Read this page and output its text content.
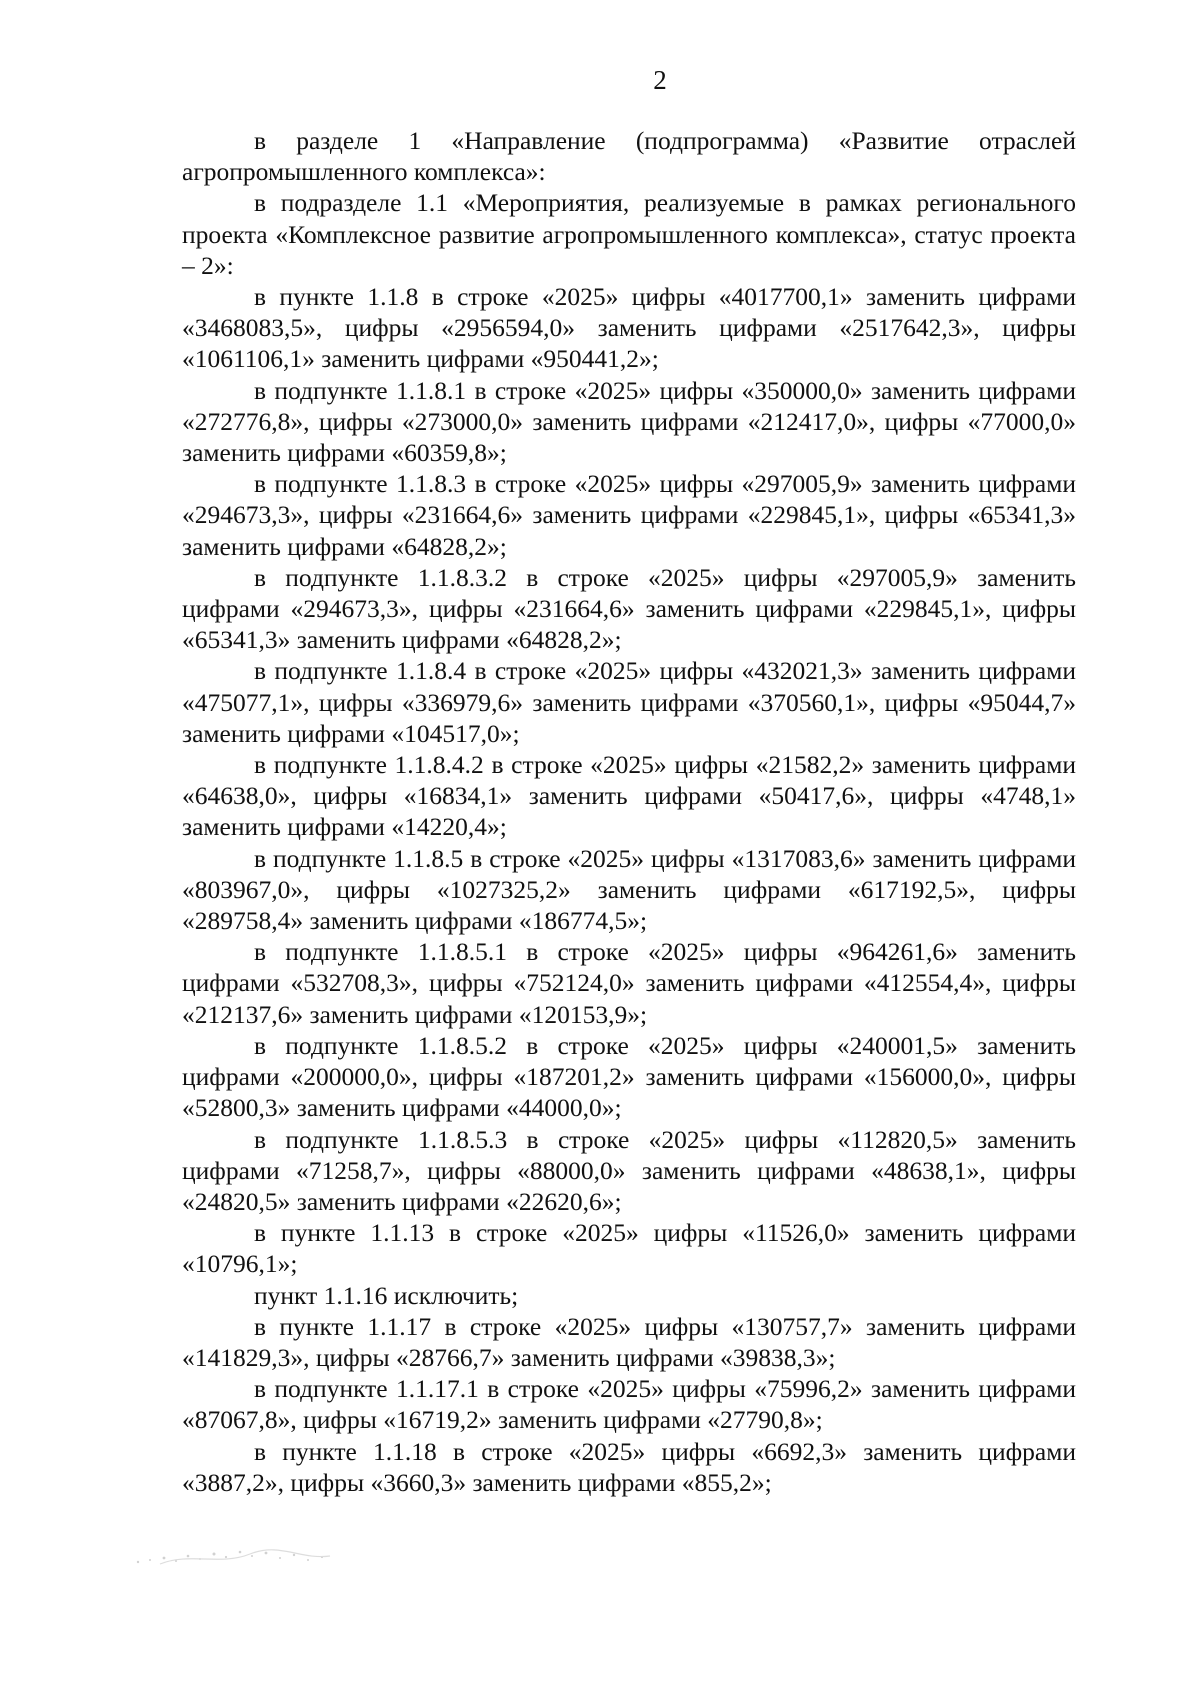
2

в разделе 1 «Направление (подпрограмма) «Развитие отраслей агропромышленного комплекса»:

в подразделе 1.1 «Мероприятия, реализуемые в рамках регионального проекта «Комплексное развитие агропромышленного комплекса», статус проекта – 2»:

в пункте 1.1.8 в строке «2025» цифры «4017700,1» заменить цифрами «3468083,5», цифры «2956594,0» заменить цифрами «2517642,3», цифры «1061106,1» заменить цифрами «950441,2»;

в подпункте 1.1.8.1 в строке «2025» цифры «350000,0» заменить цифрами «272776,8», цифры «273000,0» заменить цифрами «212417,0», цифры «77000,0» заменить цифрами «60359,8»;

в подпункте 1.1.8.3 в строке «2025» цифры «297005,9» заменить цифрами «294673,3», цифры «231664,6» заменить цифрами «229845,1», цифры «65341,3» заменить цифрами «64828,2»;

в подпункте 1.1.8.3.2 в строке «2025» цифры «297005,9» заменить цифрами «294673,3», цифры «231664,6» заменить цифрами «229845,1», цифры «65341,3» заменить цифрами «64828,2»;

в подпункте 1.1.8.4 в строке «2025» цифры «432021,3» заменить цифрами «475077,1», цифры «336979,6» заменить цифрами «370560,1», цифры «95044,7» заменить цифрами «104517,0»;

в подпункте 1.1.8.4.2 в строке «2025» цифры «21582,2» заменить цифрами «64638,0», цифры «16834,1» заменить цифрами «50417,6», цифры «4748,1» заменить цифрами «14220,4»;

в подпункте 1.1.8.5 в строке «2025» цифры «1317083,6» заменить цифрами «803967,0», цифры «1027325,2» заменить цифрами «617192,5», цифры «289758,4» заменить цифрами «186774,5»;

в подпункте 1.1.8.5.1 в строке «2025» цифры «964261,6» заменить цифрами «532708,3», цифры «752124,0» заменить цифрами «412554,4», цифры «212137,6» заменить цифрами «120153,9»;

в подпункте 1.1.8.5.2 в строке «2025» цифры «240001,5» заменить цифрами «200000,0», цифры «187201,2» заменить цифрами «156000,0», цифры «52800,3» заменить цифрами «44000,0»;

в подпункте 1.1.8.5.3 в строке «2025» цифры «112820,5» заменить цифрами «71258,7», цифры «88000,0» заменить цифрами «48638,1», цифры «24820,5» заменить цифрами «22620,6»;

в пункте 1.1.13 в строке «2025» цифры «11526,0» заменить цифрами «10796,1»;

пункт 1.1.16 исключить;

в пункте 1.1.17 в строке «2025» цифры «130757,7» заменить цифрами «141829,3», цифры «28766,7» заменить цифрами «39838,3»;

в подпункте 1.1.17.1 в строке «2025» цифры «75996,2» заменить цифрами «87067,8», цифры «16719,2» заменить цифрами «27790,8»;

в пункте 1.1.18 в строке «2025» цифры «6692,3» заменить цифрами «3887,2», цифры «3660,3» заменить цифрами «855,2»;
